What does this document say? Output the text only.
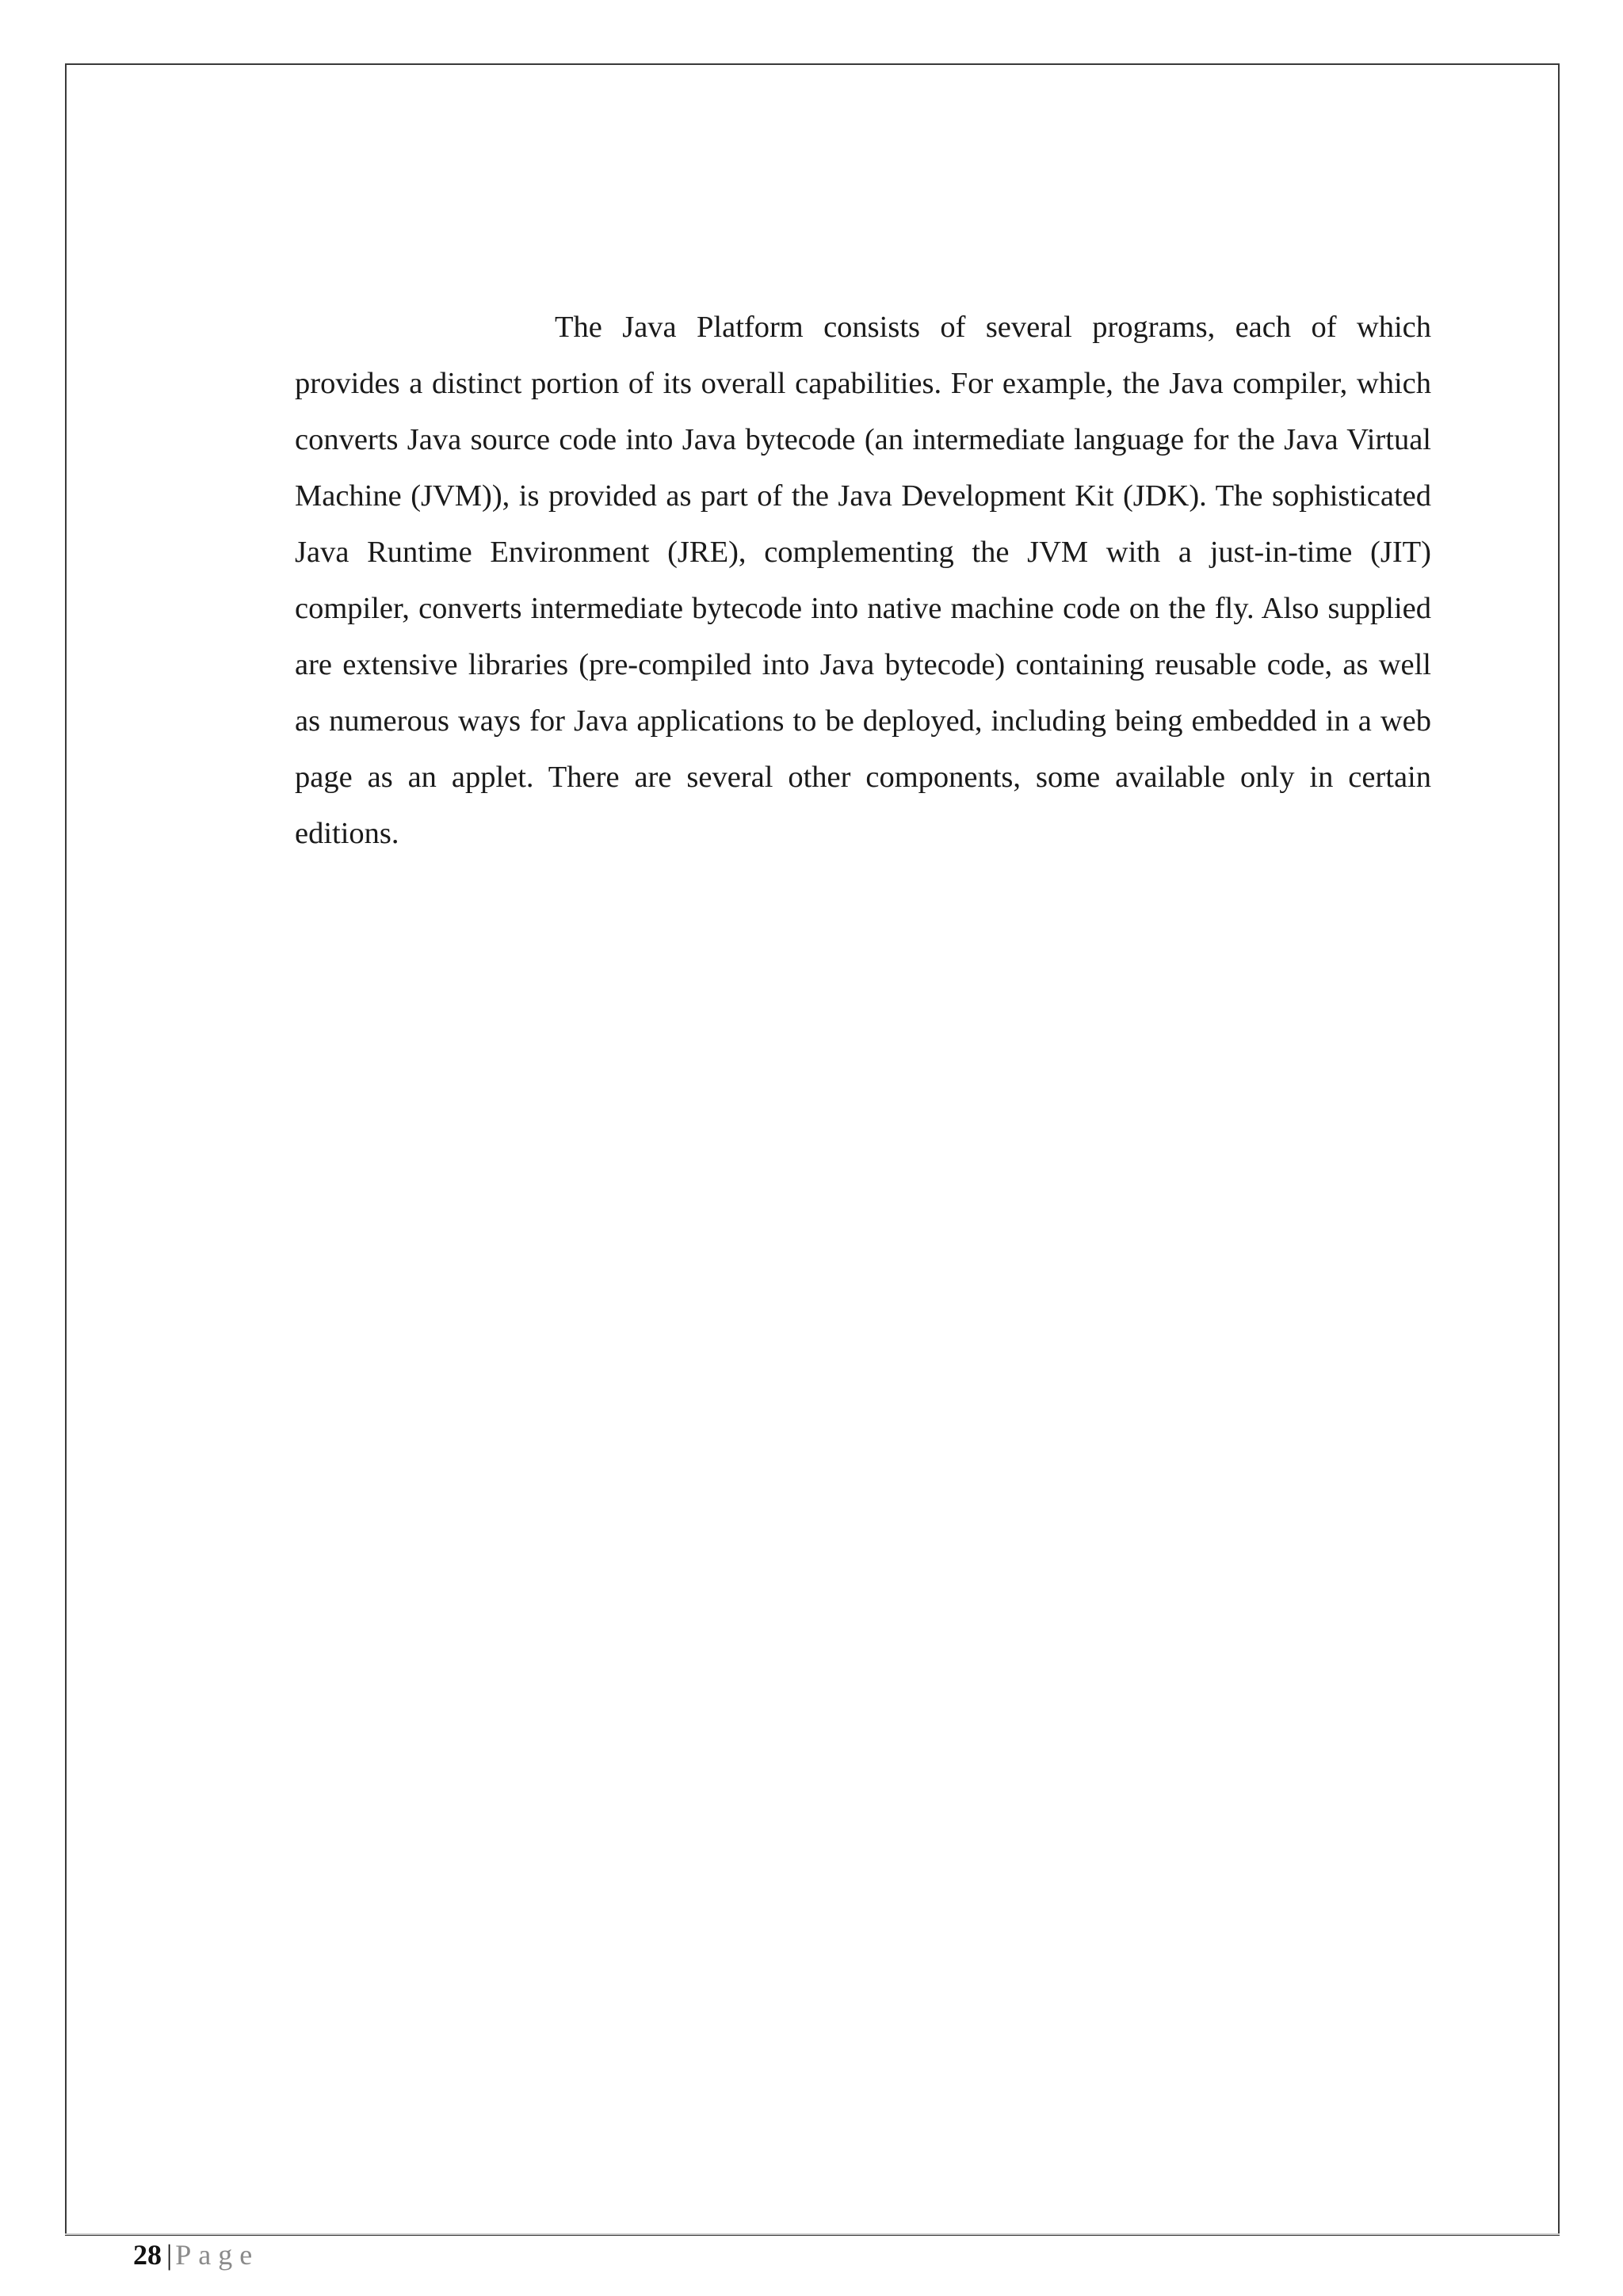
The Java Platform consists of several programs, each of which provides a distinct portion of its overall capabilities. For example, the Java compiler, which converts Java source code into Java bytecode (an intermediate language for the Java Virtual Machine (JVM)), is provided as part of the Java Development Kit (JDK). The sophisticated Java Runtime Environment (JRE), complementing the JVM with a just-in-time (JIT) compiler, converts intermediate bytecode into native machine code on the fly. Also supplied are extensive libraries (pre-compiled into Java bytecode) containing reusable code, as well as numerous ways for Java applications to be deployed, including being embedded in a web page as an applet. There are several other components, some available only in certain editions.

28 | Page
